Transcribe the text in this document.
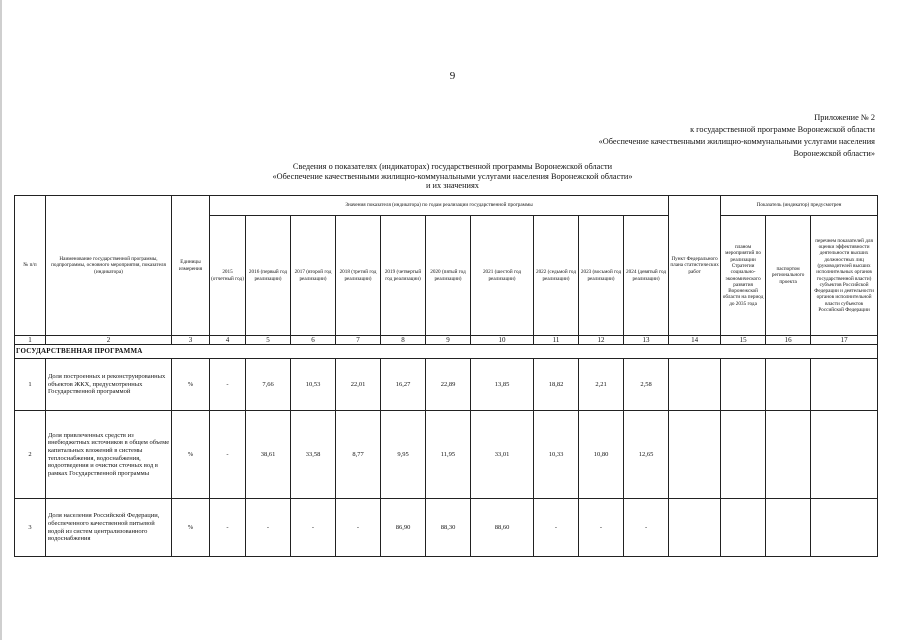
9
Приложение № 2
к государственной программе Воронежской области
«Обеспечение качественными жилищно-коммунальными услугами населения
Воронежской области»
Сведения о показателях (индикаторах) государственной программы Воронежской области
«Обеспечение качественными жилищно-коммунальными услугами населения Воронежской области»
и их значениях
№ п/п	Наименование государственной программы, подпрограммы, основного мероприятия, показателя (индикатора)	Единицы измерения	Значения показателя (индикатора) по годам реализации государственной программы										Пункт Федерального плана статистических работ	Показатель (индикатор) предусмотрен		
			2015 (отчетный год)	2016 (первый год реализации)	2017 (второй год реализации)	2018 (третий год реализации)	2019 (четвертый год реализации)	2020 (пятый год реализации)	2021 (шестой год реализации)	2022 (седьмой год реализации)	2023 (восьмой год реализации)	2024 (девятый год реализации)		планом мероприятий по реализации Стратегии социально-экономического развития Воронежской области на период до 2035 года	паспортом регионального проекта	перечнем показателей для оценки эффективности деятельности высших должностных лиц (руководителей высших исполнительных органов государственной власти) субъектов Российской Федерации и деятельности органов исполнительной власти субъектов Российской Федерации
1	2	3	4	5	6	7	8	9	10	11	12	13	14	15	16	17
ГОСУДАРСТВЕННАЯ ПРОГРАММА																
1	Доля построенных и реконструированных объектов ЖКХ, предусмотренных Государственной программой	%	-	7,66	10,53	22,01	16,27	22,89	13,85	18,82	2,21	2,58				
2	Доля привлеченных средств из внебюджетных источников в общем объеме капитальных вложений в системы теплоснабжения, водоснабжения, водоотведения и очистки сточных вод в рамках Государственной программы	%	-	38,61	33,58	8,77	9,95	11,95	33,01	10,33	10,80	12,65				
3	Доля населения Российской Федерации, обеспеченного качественной питьевой водой из систем централизованного водоснабжения	%	-	-	-	-	86,90	88,30	88,60	-	-	-				
